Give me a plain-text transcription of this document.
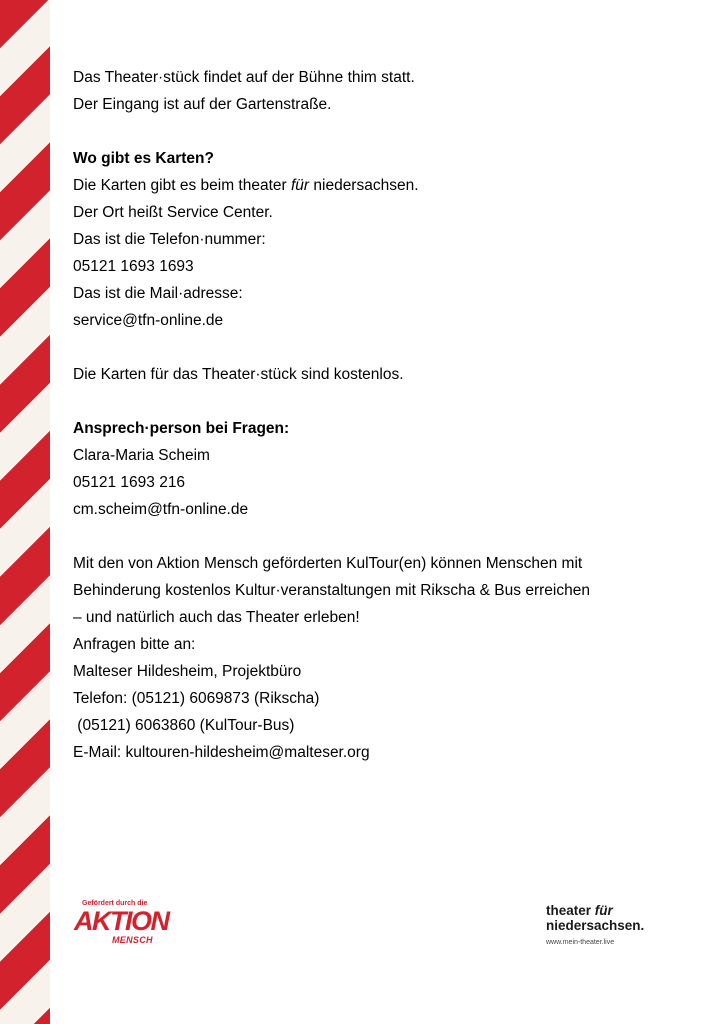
Das Theater·stück findet auf der Bühne thim statt.
Der Eingang ist auf der Gartenstraße.
Wo gibt es Karten?
Die Karten gibt es beim theater für niedersachsen.
Der Ort heißt Service Center.
Das ist die Telefon·nummer:
05121 1693 1693
Das ist die Mail·adresse:
service@tfn-online.de
Die Karten für das Theater·stück sind kostenlos.
Ansprech·person bei Fragen:
Clara-Maria Scheim
05121 1693 216
cm.scheim@tfn-online.de
Mit den von Aktion Mensch geförderten KulTour(en) können Menschen mit
Behinderung kostenlos Kultur·veranstaltungen mit Rikscha & Bus erreichen
– und natürlich auch das Theater erleben!
Anfragen bitte an:
Malteser Hildesheim, Projektbüro
Telefon: (05121) 6069873 (Rikscha)
(05121) 6063860 (KulTour-Bus)
E-Mail: kultouren-hildesheim@malteser.org
Gefördert durch die
AKTION
MENSCH
theater für
niedersachsen.
www.mein-theater.live
